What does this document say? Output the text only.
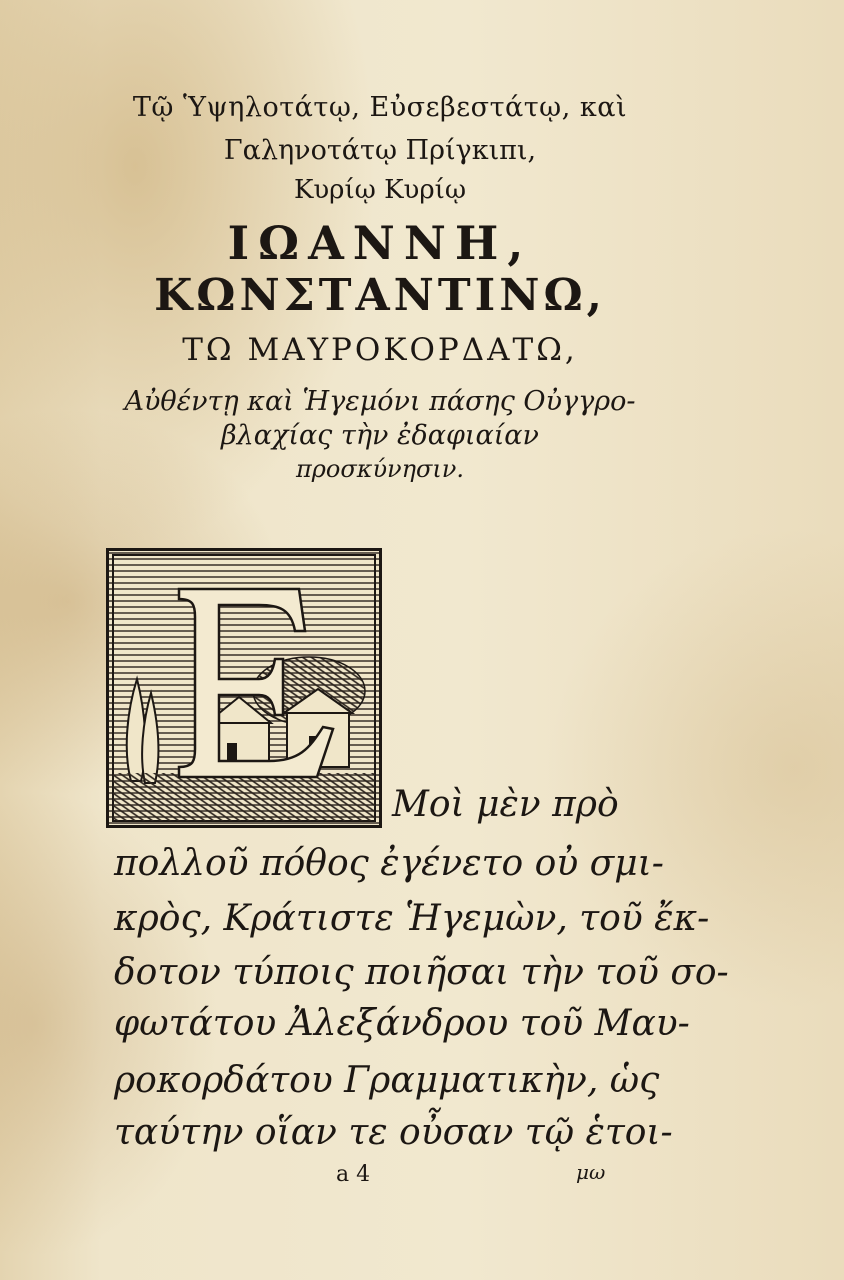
Τῷ Ὑψηλοτάτῳ, Εὐσεβεστάτῳ, καὶ
Γαληνοτάτῳ Πρίγκιπι,
Κυρίῳ Κυρίῳ
ΙΩΑΝΝΗ,
ΚΩΝΣΤΑΝΤΙΝΩ,
ΤΩ ΜΑΥΡΟΚΟΡΔΑΤΩ,
Αὐθέντῃ καὶ Ἡγεμόνι πάσης Οὐγγρο-
βλαχίας τὴν ἐδαφιαίαν
προσκύνησιν.
Μοὶ μὲν πρὸ
πολλοῦ πόθος ἐγένετο οὐ σμι-
κρὸς, Κράτιστε Ἡγεμὼν, τοῦ ἔκ-
δοτον τύποις ποιῆσαι τὴν τοῦ σο-
φωτάτου Ἀλεξάνδρου τοῦ Μαυ-
ροκορδάτου Γραμματικὴν, ὡς
ταύτην οἵαν τε οὖσαν τῷ ἑτοι-
a 4	μω
